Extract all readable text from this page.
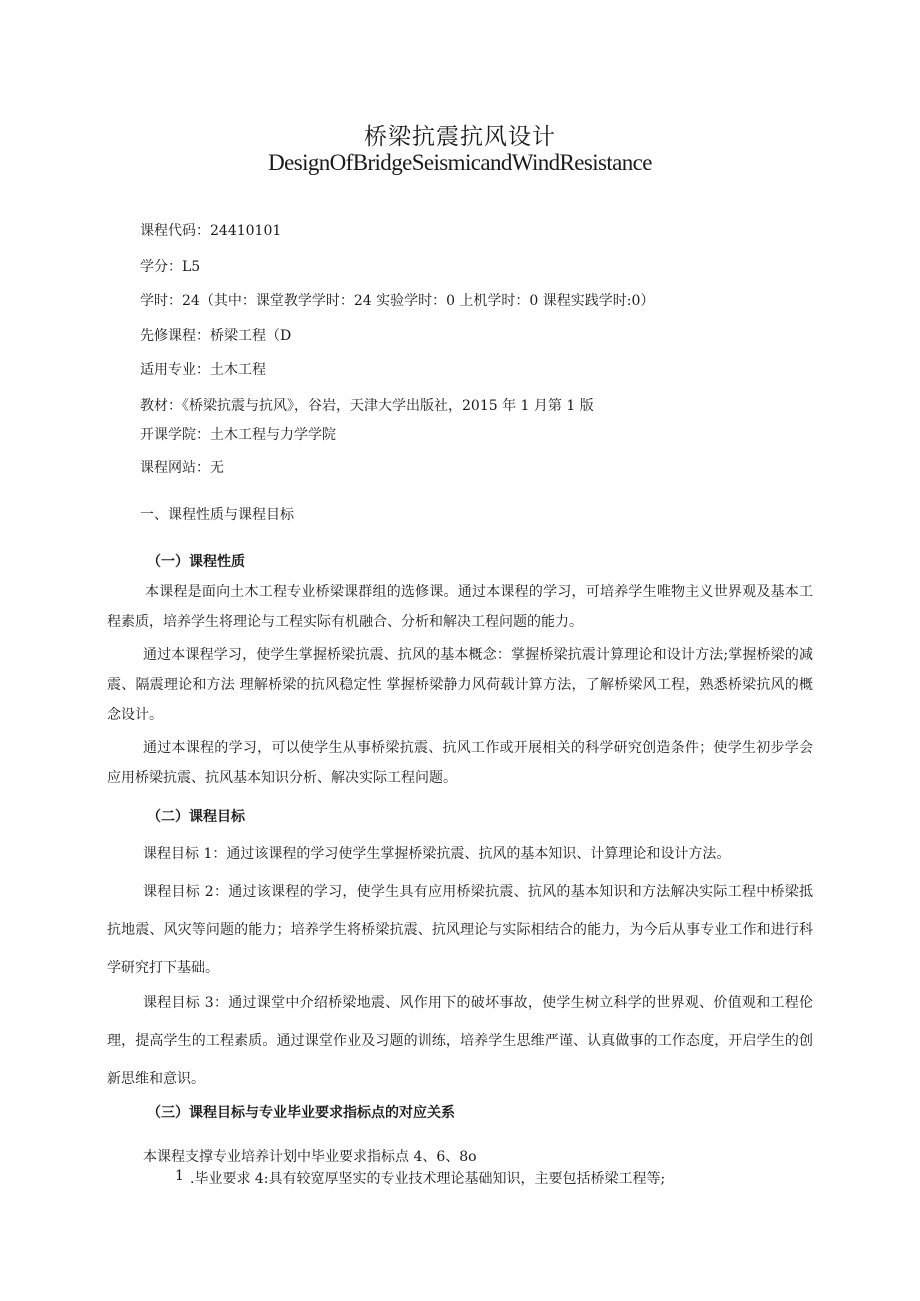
桥梁抗震抗风设计
DesignOfBridgeSeismicandWindResistance
课程代码：24410101
学分：L5
学时：24（其中：课堂教学学时：24 实验学时：0 上机学时：0 课程实践学时:0）
先修课程：桥梁工程（D
适用专业：土木工程
教材：《桥梁抗震与抗风》，谷岩，天津大学出版社，2015 年 1 月第 1 版
开课学院：土木工程与力学学院
课程网站：无
一、课程性质与课程目标
（一）课程性质
本课程是面向土木工程专业桥梁课群组的选修课。通过本课程的学习，可培养学生唯物主义世界观及基本工程素质，培养学生将理论与工程实际有机融合、分析和解决工程问题的能力。
通过本课程学习，使学生掌握桥梁抗震、抗风的基本概念：掌握桥梁抗震计算理论和设计方法;掌握桥梁的减震、隔震理论和方法 理解桥梁的抗风稳定性 掌握桥梁静力风荷载计算方法，了解桥梁风工程，熟悉桥梁抗风的概念设计。
通过本课程的学习，可以使学生从事桥梁抗震、抗风工作或开展相关的科学研究创造条件；使学生初步学会应用桥梁抗震、抗风基本知识分析、解决实际工程问题。
（二）课程目标
课程目标 1：通过该课程的学习使学生掌握桥梁抗震、抗风的基本知识、计算理论和设计方法。
课程目标 2：通过该课程的学习，使学生具有应用桥梁抗震、抗风的基本知识和方法解决实际工程中桥梁抵抗地震、风灾等问题的能力；培养学生将桥梁抗震、抗风理论与实际相结合的能力，为今后从事专业工作和进行科学研究打下基础。
课程目标 3：通过课堂中介绍桥梁地震、风作用下的破坏事故，使学生树立科学的世界观、价值观和工程伦理，提高学生的工程素质。通过课堂作业及习题的训练，培养学生思维严谨、认真做事的工作态度，开启学生的创新思维和意识。
（三）课程目标与专业毕业要求指标点的对应关系
本课程支撑专业培养计划中毕业要求指标点 4、6、8o
1 .毕业要求 4:具有较宽厚坚实的专业技术理论基础知识，主要包括桥梁工程等;
